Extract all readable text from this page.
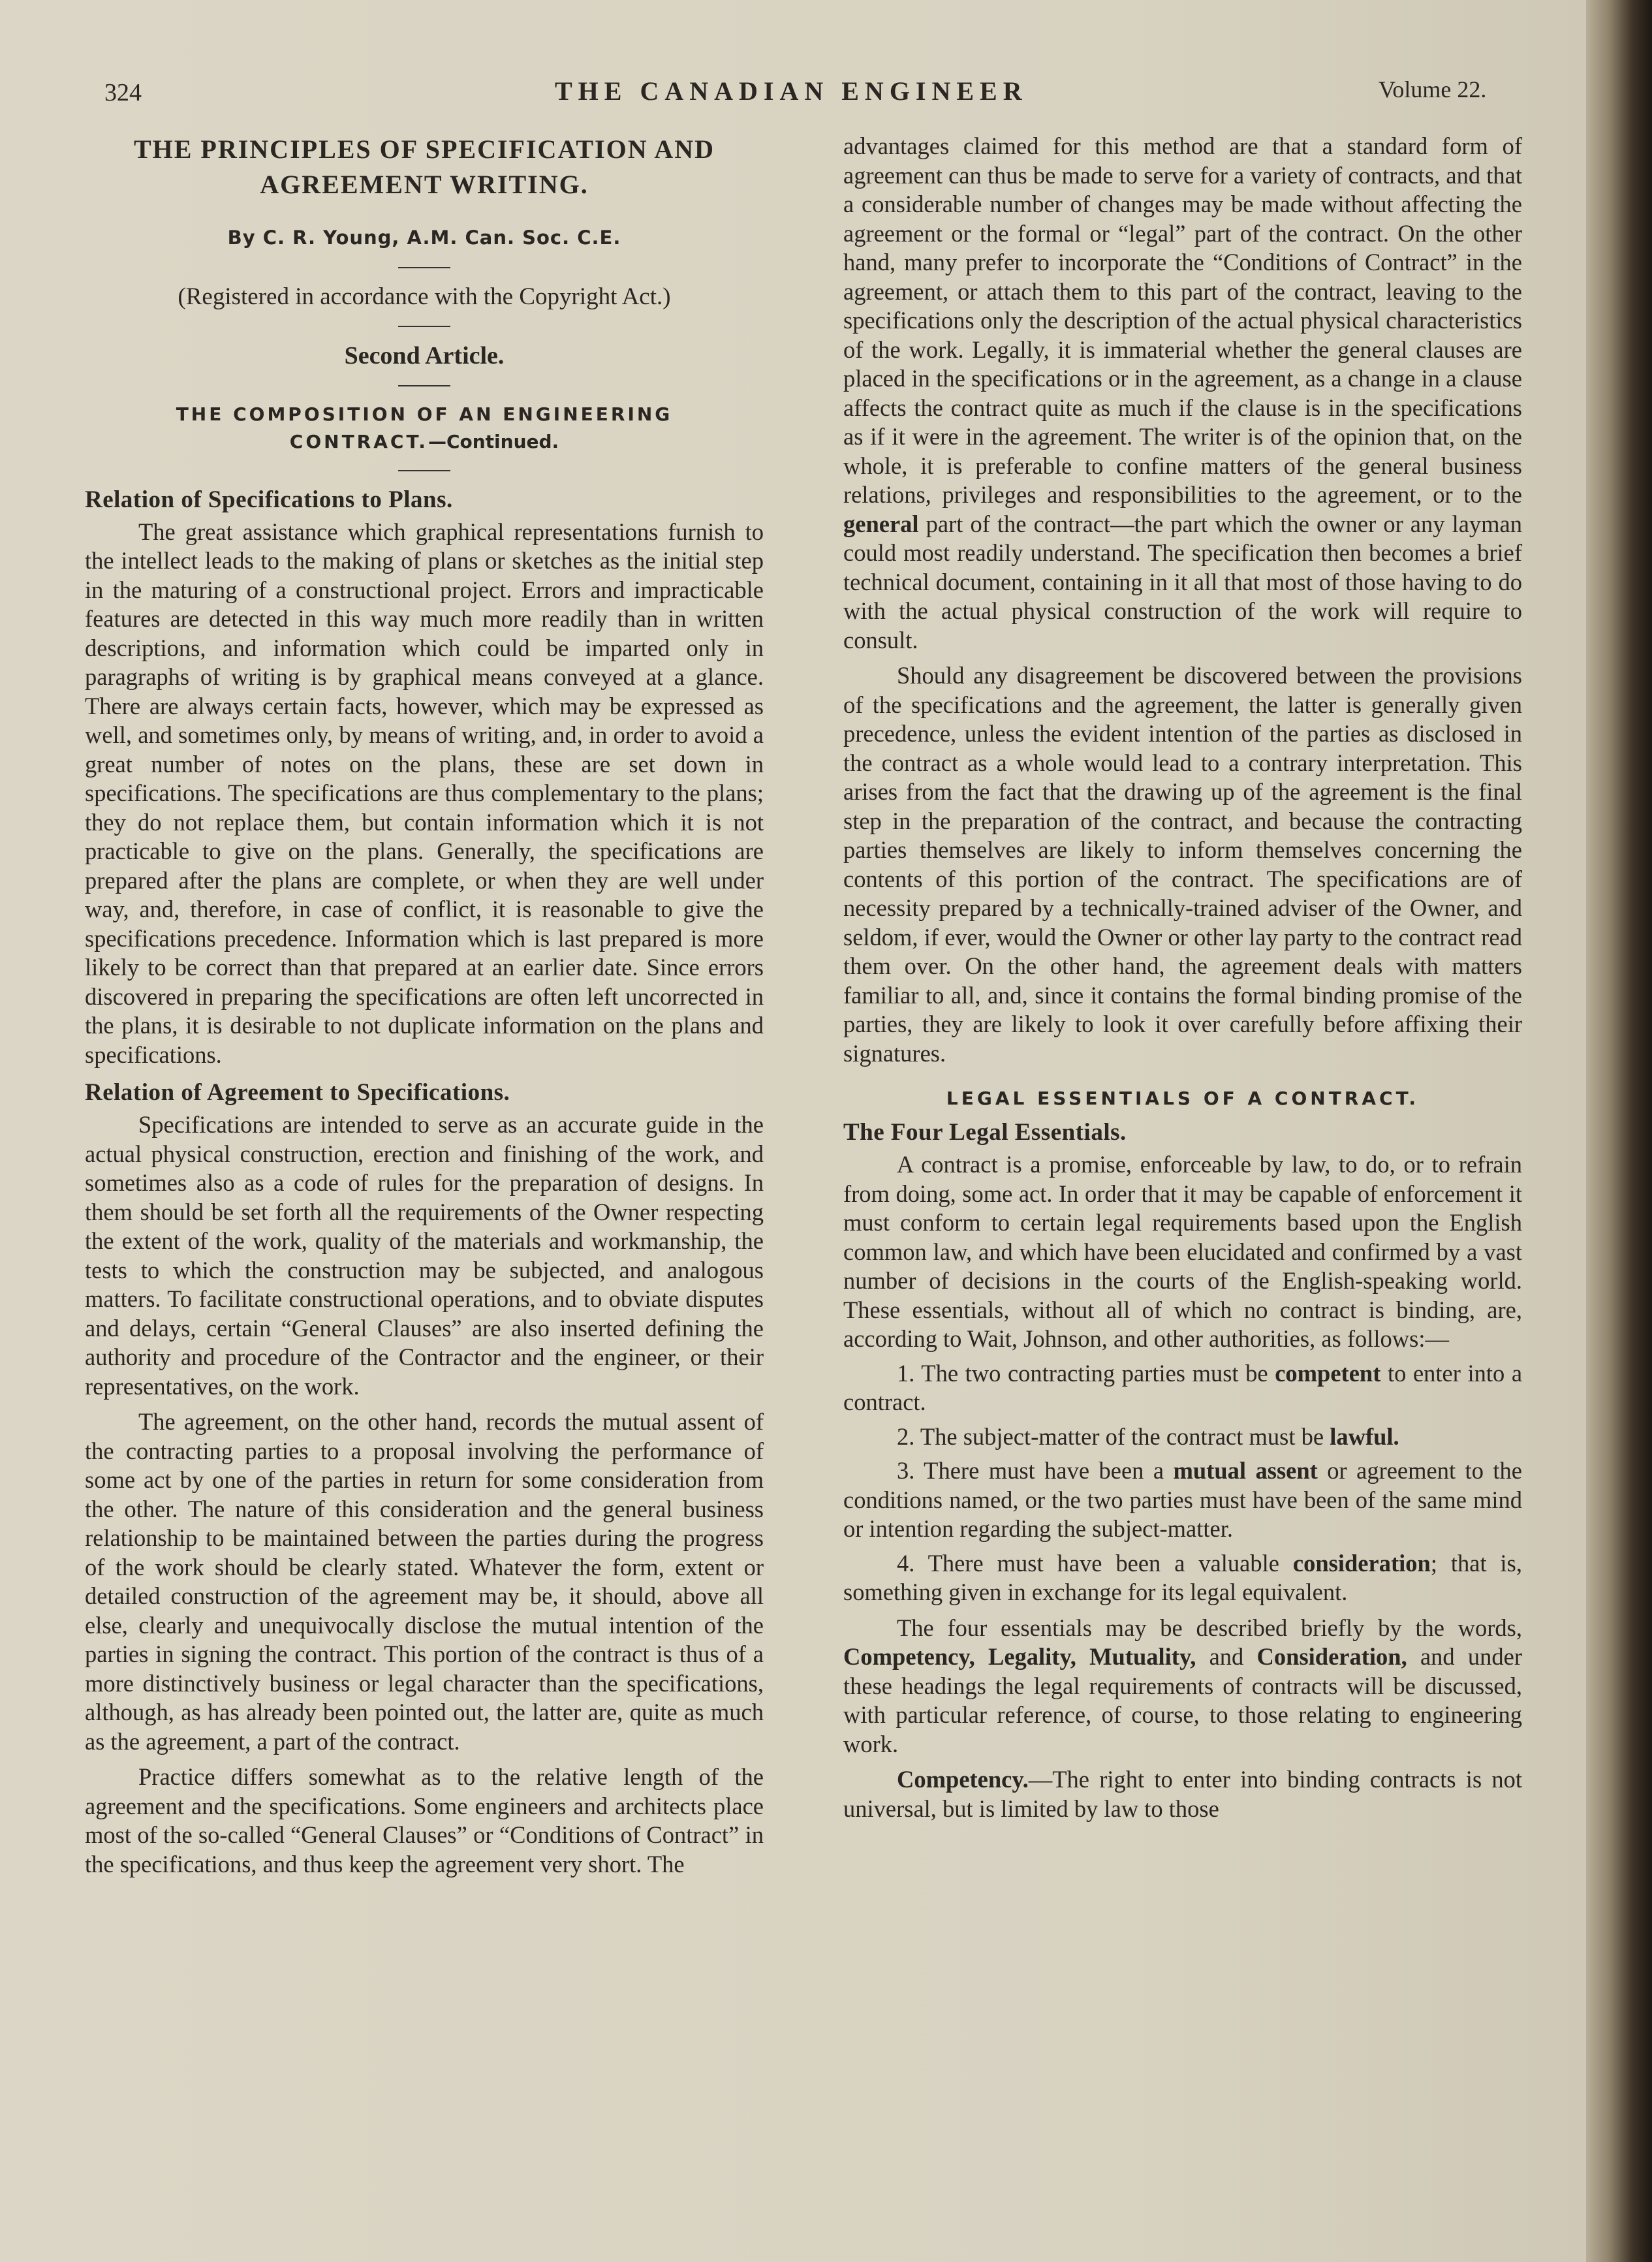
324	THE CANADIAN ENGINEER	Volume 22.

THE PRINCIPLES OF SPECIFICATION AND

AGREEMENT WRITING.

By C. R. Young, A.M. Can. Soc. C.E.

(Registered in accordance with the Copyright Act.)

Second Article.

THE COMPOSITION OF AN ENGINEERING

CONTRACT.—Continued.

Relation of Specifications to Plans.

The great assistance which graphical representations furnish to the intellect leads to the making of plans or sketches as the initial step in the maturing of a constructional project. Errors and impracticable features are detected in this way much more readily than in written descriptions, and information which could be imparted only in paragraphs of writing is by graphical means conveyed at a glance. There are always certain facts, however, which may be expressed as well, and sometimes only, by means of writing, and, in order to avoid a great number of notes on the plans, these are set down in specifications. The specifications are thus complementary to the plans; they do not replace them, but contain information which it is not practicable to give on the plans. Generally, the specifications are prepared after the plans are complete, or when they are well under way, and, therefore, in case of conflict, it is reasonable to give the specifications precedence. Information which is last prepared is more likely to be correct than that prepared at an earlier date. Since errors discovered in preparing the specifications are often left uncorrected in the plans, it is desirable to not duplicate information on the plans and specifications.

Relation of Agreement to Specifications.

Specifications are intended to serve as an accurate guide in the actual physical construction, erection and finishing of the work, and sometimes also as a code of rules for the preparation of designs. In them should be set forth all the requirements of the Owner respecting the extent of the work, quality of the materials and workmanship, the tests to which the construction may be subjected, and analogous matters. To facilitate constructional operations, and to obviate disputes and delays, certain “General Clauses” are also inserted defining the authority and procedure of the Contractor and the engineer, or their representatives, on the work.

The agreement, on the other hand, records the mutual assent of the contracting parties to a proposal involving the performance of some act by one of the parties in return for some consideration from the other. The nature of this consideration and the general business relationship to be maintained between the parties during the progress of the work should be clearly stated. Whatever the form, extent or detailed construction of the agreement may be, it should, above all else, clearly and unequivocally disclose the mutual intention of the parties in signing the contract. This portion of the contract is thus of a more distinctively business or legal character than the specifications, although, as has already been pointed out, the latter are, quite as much as the agreement, a part of the contract.

Practice differs somewhat as to the relative length of the agreement and the specifications. Some engineers and architects place most of the so-called “General Clauses” or “Conditions of Contract” in the specifications, and thus keep the agreement very short. The

advantages claimed for this method are that a standard form of agreement can thus be made to serve for a variety of contracts, and that a considerable number of changes may be made without affecting the agreement or the formal or “legal” part of the contract. On the other hand, many prefer to incorporate the “Conditions of Contract” in the agreement, or attach them to this part of the contract, leaving to the specifications only the description of the actual physical characteristics of the work. Legally, it is immaterial whether the general clauses are placed in the specifications or in the agreement, as a change in a clause affects the contract quite as much if the clause is in the specifications as if it were in the agreement. The writer is of the opinion that, on the whole, it is preferable to confine matters of the general business relations, privileges and responsibilities to the agreement, or to the general part of the contract—the part which the owner or any layman could most readily understand. The specification then becomes a brief technical document, containing in it all that most of those having to do with the actual physical construction of the work will require to consult.

Should any disagreement be discovered between the provisions of the specifications and the agreement, the latter is generally given precedence, unless the evident intention of the parties as disclosed in the contract as a whole would lead to a contrary interpretation. This arises from the fact that the drawing up of the agreement is the final step in the preparation of the contract, and because the contracting parties themselves are likely to inform themselves concerning the contents of this portion of the contract. The specifications are of necessity prepared by a technically-trained adviser of the Owner, and seldom, if ever, would the Owner or other lay party to the contract read them over. On the other hand, the agreement deals with matters familiar to all, and, since it contains the formal binding promise of the parties, they are likely to look it over carefully before affixing their signatures.

LEGAL ESSENTIALS OF A CONTRACT.
The Four Legal Essentials.

A contract is a promise, enforceable by law, to do, or to refrain from doing, some act. In order that it may be capable of enforcement it must conform to certain legal requirements based upon the English common law, and which have been elucidated and confirmed by a vast number of decisions in the courts of the English-speaking world. These essentials, without all of which no contract is binding, are, according to Wait, Johnson, and other authorities, as follows:—

1. The two contracting parties must be competent to enter into a contract.

2. The subject-matter of the contract must be lawful.

3. There must have been a mutual assent or agreement to the conditions named, or the two parties must have been of the same mind or intention regarding the subject-matter.

4. There must have been a valuable consideration; that is, something given in exchange for its legal equivalent.

The four essentials may be described briefly by the words, Competency, Legality, Mutuality, and Consideration, and under these headings the legal requirements of contracts will be discussed, with particular reference, of course, to those relating to engineering work.

Competency.—The right to enter into binding contracts is not universal, but is limited by law to those
